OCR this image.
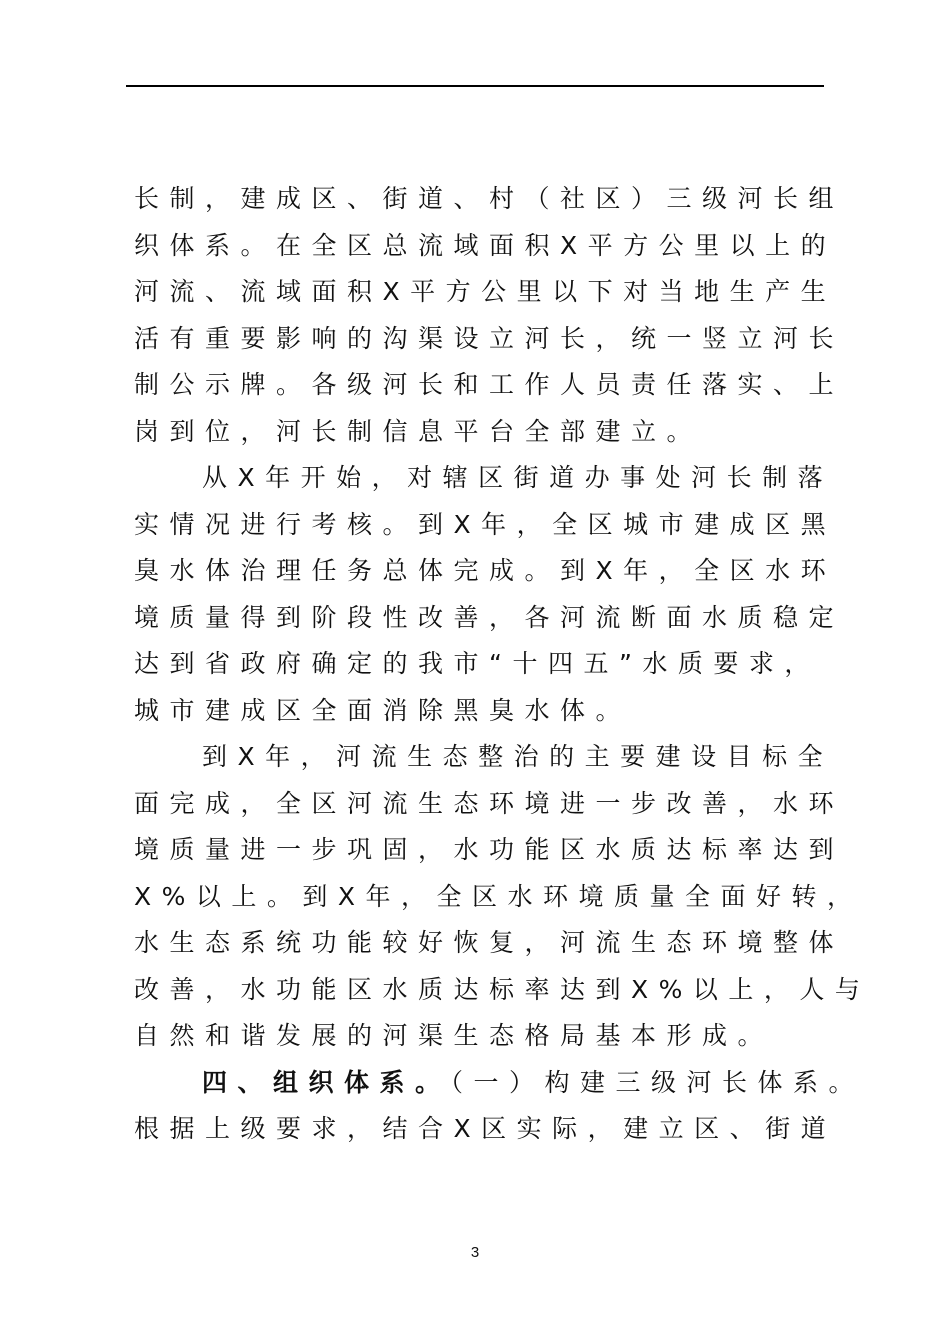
长制，建成区、街道、村（社区）三级河长组
织体系。在全区总流域面积X平方公里以上的
河流、流域面积X平方公里以下对当地生产生
活有重要影响的沟渠设立河长，统一竖立河长
制公示牌。各级河长和工作人员责任落实、上
岗到位，河长制信息平台全部建立。
从X年开始，对辖区街道办事处河长制落
实情况进行考核。到X年，全区城市建成区黑
臭水体治理任务总体完成。到X年，全区水环
境质量得到阶段性改善，各河流断面水质稳定
达到省政府确定的我市“十四五”水质要求，
城市建成区全面消除黑臭水体。
到X年，河流生态整治的主要建设目标全
面完成，全区河流生态环境进一步改善，水环
境质量进一步巩固，水功能区水质达标率达到
X%以上。到X年，全区水环境质量全面好转，
水生态系统功能较好恢复，河流生态环境整体
改善，水功能区水质达标率达到X%以上，人与
自然和谐发展的河渠生态格局基本形成。
四、组织体系。（一）构建三级河长体系。
根据上级要求，结合X区实际，建立区、街道
3
